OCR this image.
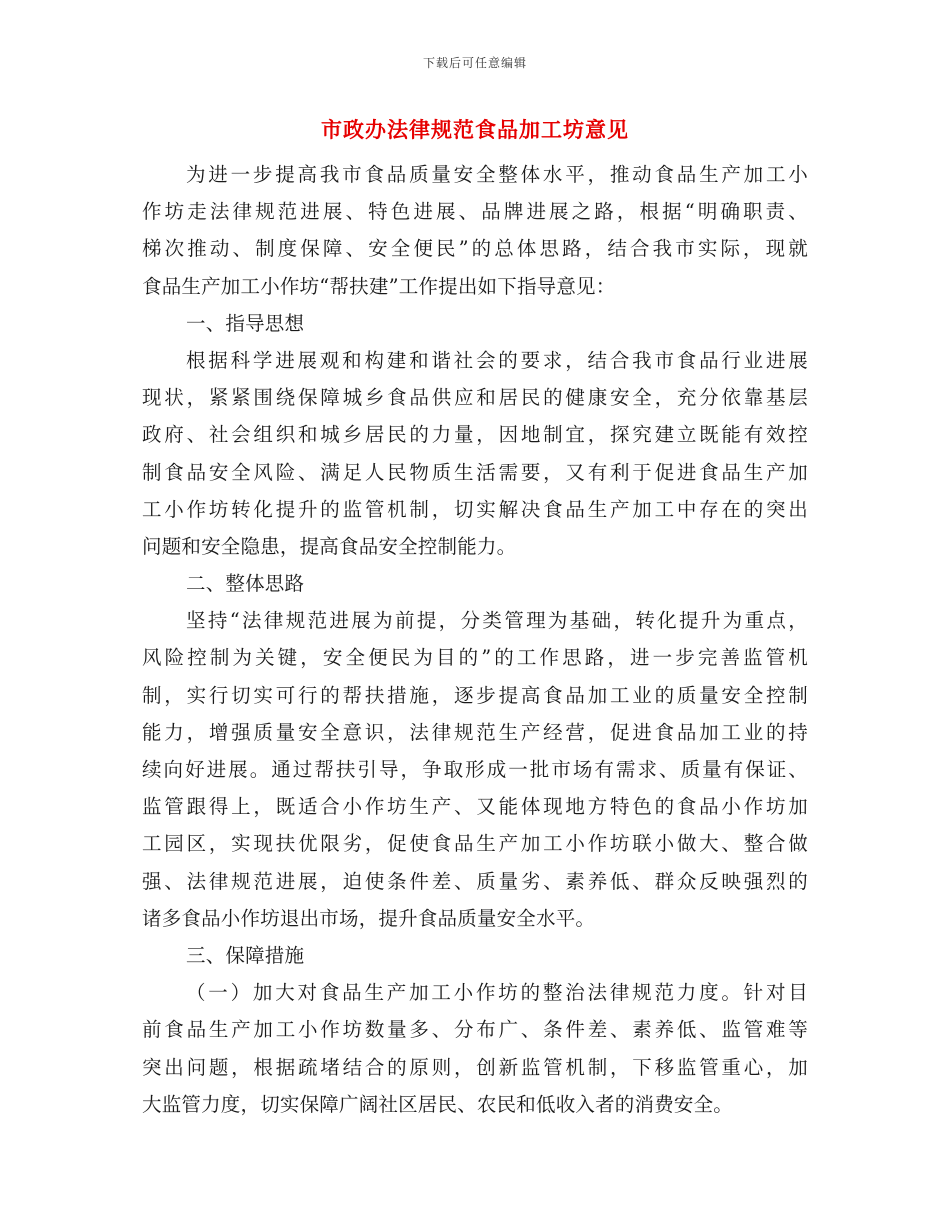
下载后可任意编辑
市政办法律规范食品加工坊意见
为进一步提高我市食品质量安全整体水平，推动食品生产加工小
作坊走法律规范进展、特色进展、品牌进展之路，根据“明确职责、
梯次推动、制度保障、安全便民”的总体思路，结合我市实际，现就
食品生产加工小作坊“帮扶建”工作提出如下指导意见：
一、指导思想
根据科学进展观和构建和谐社会的要求，结合我市食品行业进展
现状，紧紧围绕保障城乡食品供应和居民的健康安全，充分依靠基层
政府、社会组织和城乡居民的力量，因地制宜，探究建立既能有效控
制食品安全风险、满足人民物质生活需要，又有利于促进食品生产加
工小作坊转化提升的监管机制，切实解决食品生产加工中存在的突出
问题和安全隐患，提高食品安全控制能力。
二、整体思路
坚持“法律规范进展为前提，分类管理为基础，转化提升为重点，
风险控制为关键，安全便民为目的”的工作思路，进一步完善监管机
制，实行切实可行的帮扶措施，逐步提高食品加工业的质量安全控制
能力，增强质量安全意识，法律规范生产经营，促进食品加工业的持
续向好进展。通过帮扶引导，争取形成一批市场有需求、质量有保证、
监管跟得上，既适合小作坊生产、又能体现地方特色的食品小作坊加
工园区，实现扶优限劣，促使食品生产加工小作坊联小做大、整合做
强、法律规范进展，迫使条件差、质量劣、素养低、群众反映强烈的
诸多食品小作坊退出市场，提升食品质量安全水平。
三、保障措施
（一）加大对食品生产加工小作坊的整治法律规范力度。针对目
前食品生产加工小作坊数量多、分布广、条件差、素养低、监管难等
突出问题，根据疏堵结合的原则，创新监管机制，下移监管重心，加
大监管力度，切实保障广阔社区居民、农民和低收入者的消费安全。
